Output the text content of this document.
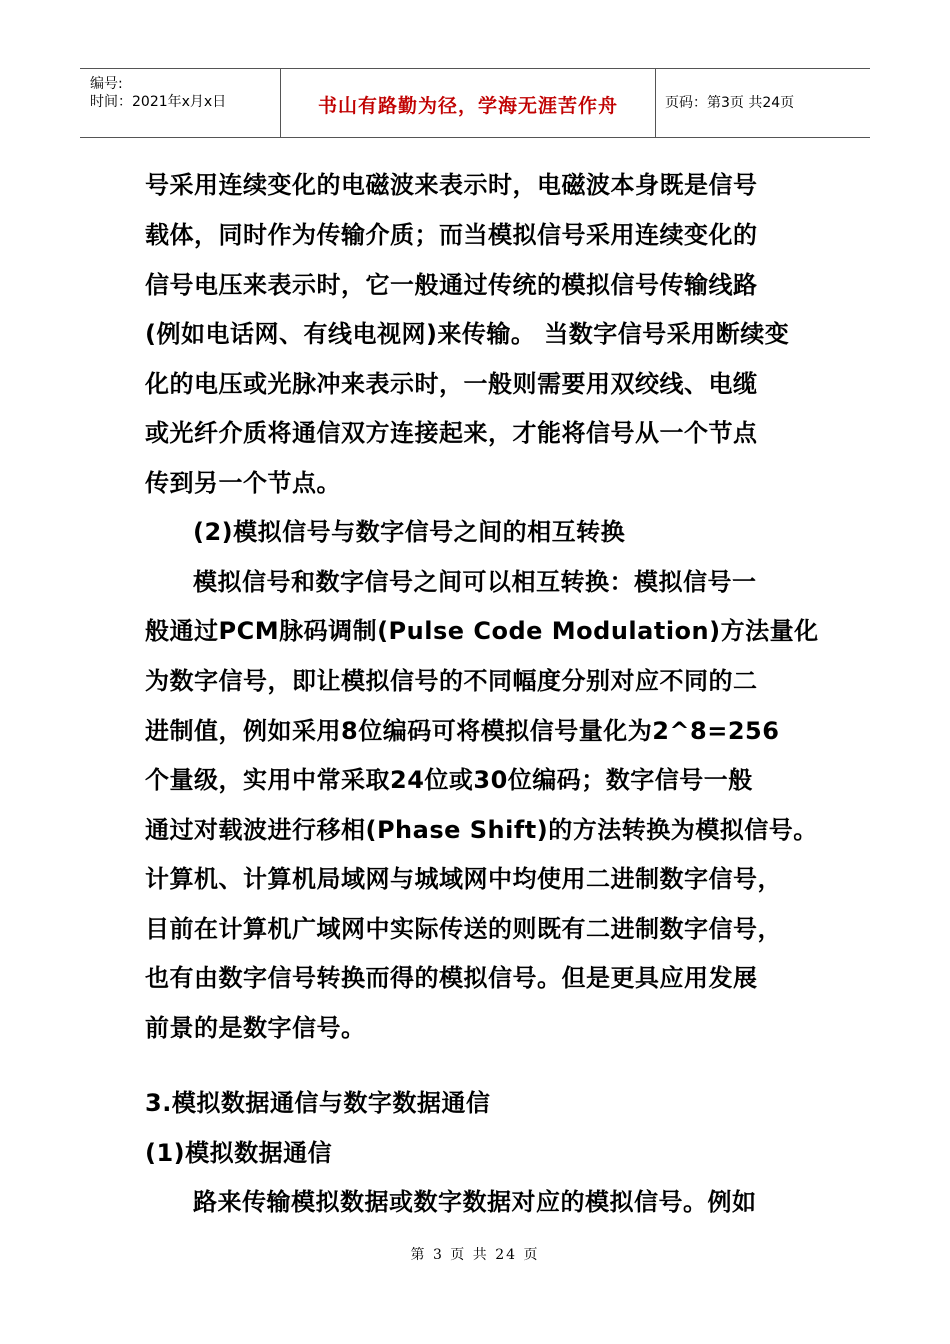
编号:
时间：2021年x月x日	书山有路勤为径，学海无涯苦作舟	页码：第3页 共24页
号采用连续变化的电磁波来表示时，电磁波本身既是信号
载体，同时作为传输介质；而当模拟信号采用连续变化的
信号电压来表示时，它一般通过传统的模拟信号传输线路
(例如电话网、有线电视网)来传输。 当数字信号采用断续变
化的电压或光脉冲来表示时，一般则需要用双绞线、电缆
或光纤介质将通信双方连接起来，才能将信号从一个节点
传到另一个节点。
(2)模拟信号与数字信号之间的相互转换
模拟信号和数字信号之间可以相互转换：模拟信号一
般通过PCM脉码调制(Pulse Code Modulation)方法量化
为数字信号，即让模拟信号的不同幅度分别对应不同的二
进制值，例如采用8位编码可将模拟信号量化为2^8=256
个量级，实用中常采取24位或30位编码；数字信号一般
通过对载波进行移相(Phase Shift)的方法转换为模拟信号。
计算机、计算机局域网与城域网中均使用二进制数字信号，
目前在计算机广域网中实际传送的则既有二进制数字信号，
也有由数字信号转换而得的模拟信号。但是更具应用发展
前景的是数字信号。
3.模拟数据通信与数字数据通信
(1)模拟数据通信
路来传输模拟数据或数字数据对应的模拟信号。例如
第 3 页 共 24 页
